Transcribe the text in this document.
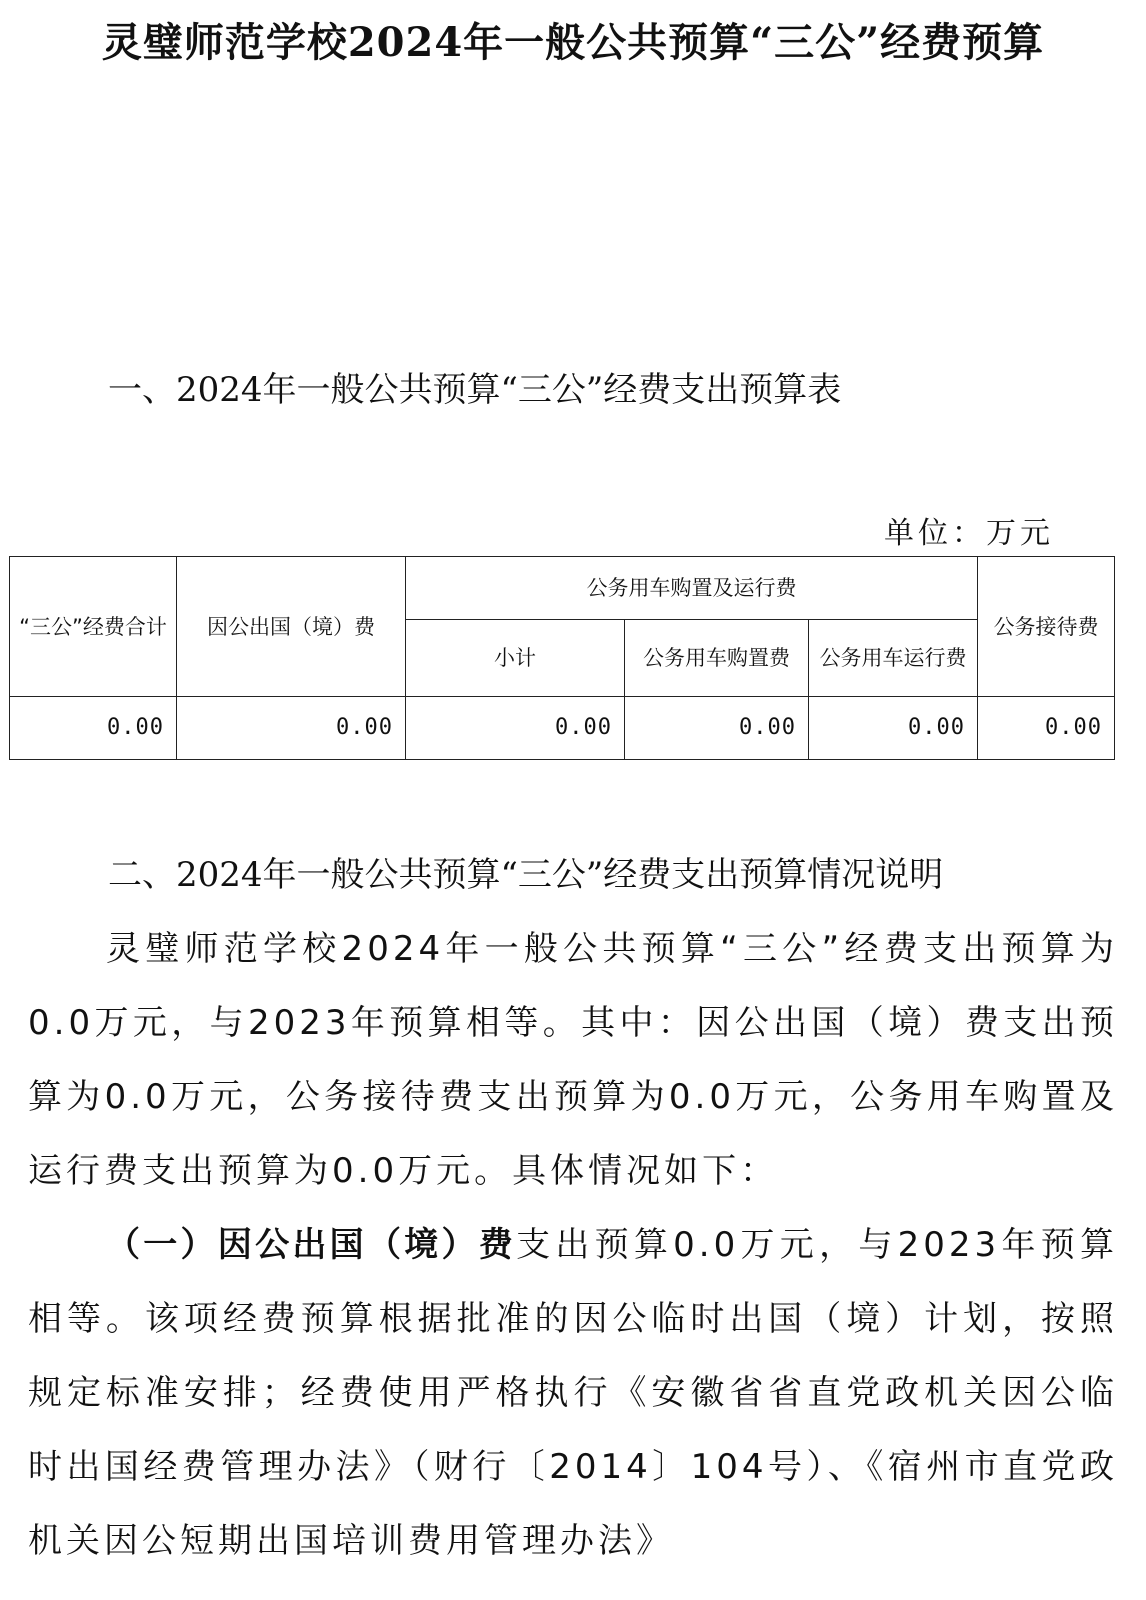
灵璧师范学校2024年一般公共预算“三公”经费预算
一、2024年一般公共预算“三公”经费支出预算表
单位：万元
“三公”经费合计	因公出国（境）费	公务用车购置及运行费			公务接待费
		小计	公务用车购置费	公务用车运行费	
0.00	0.00	0.00	0.00	0.00	0.00
二、2024年一般公共预算“三公”经费支出预算情况说明

灵璧师范学校2024年一般公共预算“三公”经费支出预算为0.0万元，与2023年预算相等。其中：因公出国（境）费支出预算为0.0万元，公务接待费支出预算为0.0万元，公务用车购置及运行费支出预算为0.0万元。具体情况如下：

（一）因公出国（境）费支出预算0.0万元，与2023年预算相等。该项经费预算根据批准的因公临时出国（境）计划，按照规定标准安排；经费使用严格执行《安徽省省直党政机关因公临时出国经费管理办法》（财行〔2014〕104号）、《宿州市直党政机关因公短期出国培训费用管理办法》
